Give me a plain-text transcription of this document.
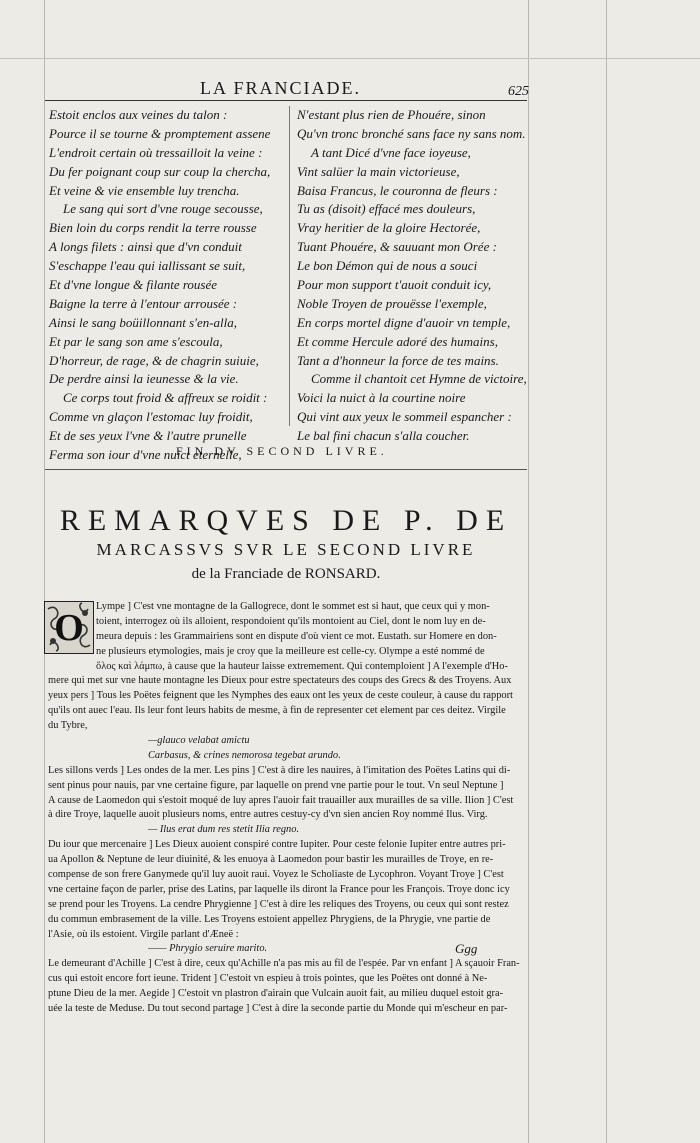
LA FRANCIADE.	625
Estoit enclos aux veines du talon :
Pource il se tourne & promptement assene
L'endroit certain où tressailloit la veine :
Du fer poignant coup sur coup la chercha,
Et veine & vie ensemble luy trencha.
Le sang qui sort d'vne rouge secousse,
Bien loin du corps rendit la terre rousse
A longs filets : ainsi que d'vn conduit
S'eschappe l'eau qui iallissant se suit,
Et d'vne longue & filante rousée
Baigne la terre à l'entour arrousée :
Ainsi le sang boüillonnant s'en-alla,
Et par le sang son ame s'escoula,
D'horreur, de rage, & de chagrin suiuie,
De perdre ainsi la ieunesse & la vie.
Ce corps tout froid & affreux se roidit :
Comme vn glaçon l'estomac luy froidit,
Et de ses yeux l'vne & l'autre prunelle
Ferma son iour d'vne nuict eternelle,
N'estant plus rien de Phouére, sinon
Qu'vn tronc bronché sans face ny sans nom.
A tant Dicé d'vne face ioyeuse,
Vint salüer la main victorieuse,
Baisa Francus, le couronna de fleurs :
Tu as (disoit) effacé mes douleurs,
Vray heritier de la gloire Hectorée,
Tuant Phouére, & sauuant mon Orée :
Le bon Démon qui de nous a souci
Pour mon support t'auoit conduit icy,
Noble Troyen de prouësse l'exemple,
En corps mortel digne d'auoir vn temple,
Et comme Hercule adoré des humains,
Tant a d'honneur la force de tes mains.
Comme il chantoit cet Hymne de victoire,
Voici la nuict à la courtine noire
Qui vint aux yeux le sommeil espancher :
Le bal fini chacun s'alla coucher.
FIN DV SECOND LIVRE.
REMARQVES DE P. DE
MARCASSVS SVR LE SECOND LIVRE
de la Franciade de RONSARD.
O
Lympe ] C'est vne montagne de la Gallogrece, dont le sommet est si haut, que ceux qui y mon-
toient, interrogez où ils alloient, respondoient qu'ils montoient au Ciel, dont le nom luy en de-
meura depuis : les Grammairiens sont en dispute d'où vient ce mot. Eustath. sur Homere en don-
ne plusieurs etymologies, mais je croy que la meilleure est celle-cy. Olympe a esté nommé de
ὅλος καὶ λάμπω, à cause que la hauteur laisse extremement. Qui contemploient ] A l'exemple d'Ho-
mere qui met sur vne haute montagne les Dieux pour estre spectateurs des coups des Grecs & des Troyens. Aux
yeux pers ] Tous les Poëtes feignent que les Nymphes des eaux ont les yeux de ceste couleur, à cause du rapport
qu'ils ont auec l'eau. Ils leur font leurs habits de mesme, à fin de representer cet element par ces deitez. Virgile
du Tybre,
—glauco velabat amictu
Carbasus, & crines nemorosa tegebat arundo.
Les sillons verds ] Les ondes de la mer. Les pins ] C'est à dire les nauires, à l'imitation des Poëtes Latins qui di-
sent pinus pour nauis, par vne certaine figure, par laquelle on prend vne partie pour le tout. Vn seul Neptune ]
A cause de Laomedon qui s'estoit moqué de luy apres l'auoir fait trauailler aux murailles de sa ville. Ilion ] C'est
à dire Troye, laquelle auoit plusieurs noms, entre autres cestuy-cy d'vn sien ancien Roy nommé Ilus. Virg.
— Ilus erat dum res stetit Ilia regno.
Du iour que mercenaire ] Les Dieux auoient conspiré contre Iupiter. Pour ceste felonie Iupiter entre autres pri-
ua Apollon & Neptune de leur diuinité, & les enuoya à Laomedon pour bastir les murailles de Troye, en re-
compense de son frere Ganymede qu'il luy auoit raui. Voyez le Scholiaste de Lycophron. Voyant Troye ] C'est
vne certaine façon de parler, prise des Latins, par laquelle ils diront la France pour les François. Troye donc icy
se prend pour les Troyens. La cendre Phrygienne ] C'est à dire les reliques des Troyens, ou ceux qui sont restez
du commun embrasement de la ville. Les Troyens estoient appellez Phrygiens, de la Phrygie, vne partie de
l'Asie, où ils estoient. Virgile parlant d'Æneë :
—— Phrygio seruire marito.
Le demeurant d'Achille ] C'est à dire, ceux qu'Achille n'a pas mis au fil de l'espée. Par vn enfant ] A sçauoir Fran-
cus qui estoit encore fort ieune. Trident ] C'estoit vn espieu à trois pointes, que les Poëtes ont donné à Ne-
ptune Dieu de la mer. Aegide ] C'estoit vn plastron d'airain que Vulcain auoit fait, au milieu duquel estoit gra-
uée la teste de Meduse. Du tout second partage ] C'est à dire la seconde partie du Monde qui m'escheur en par-
Ggg
